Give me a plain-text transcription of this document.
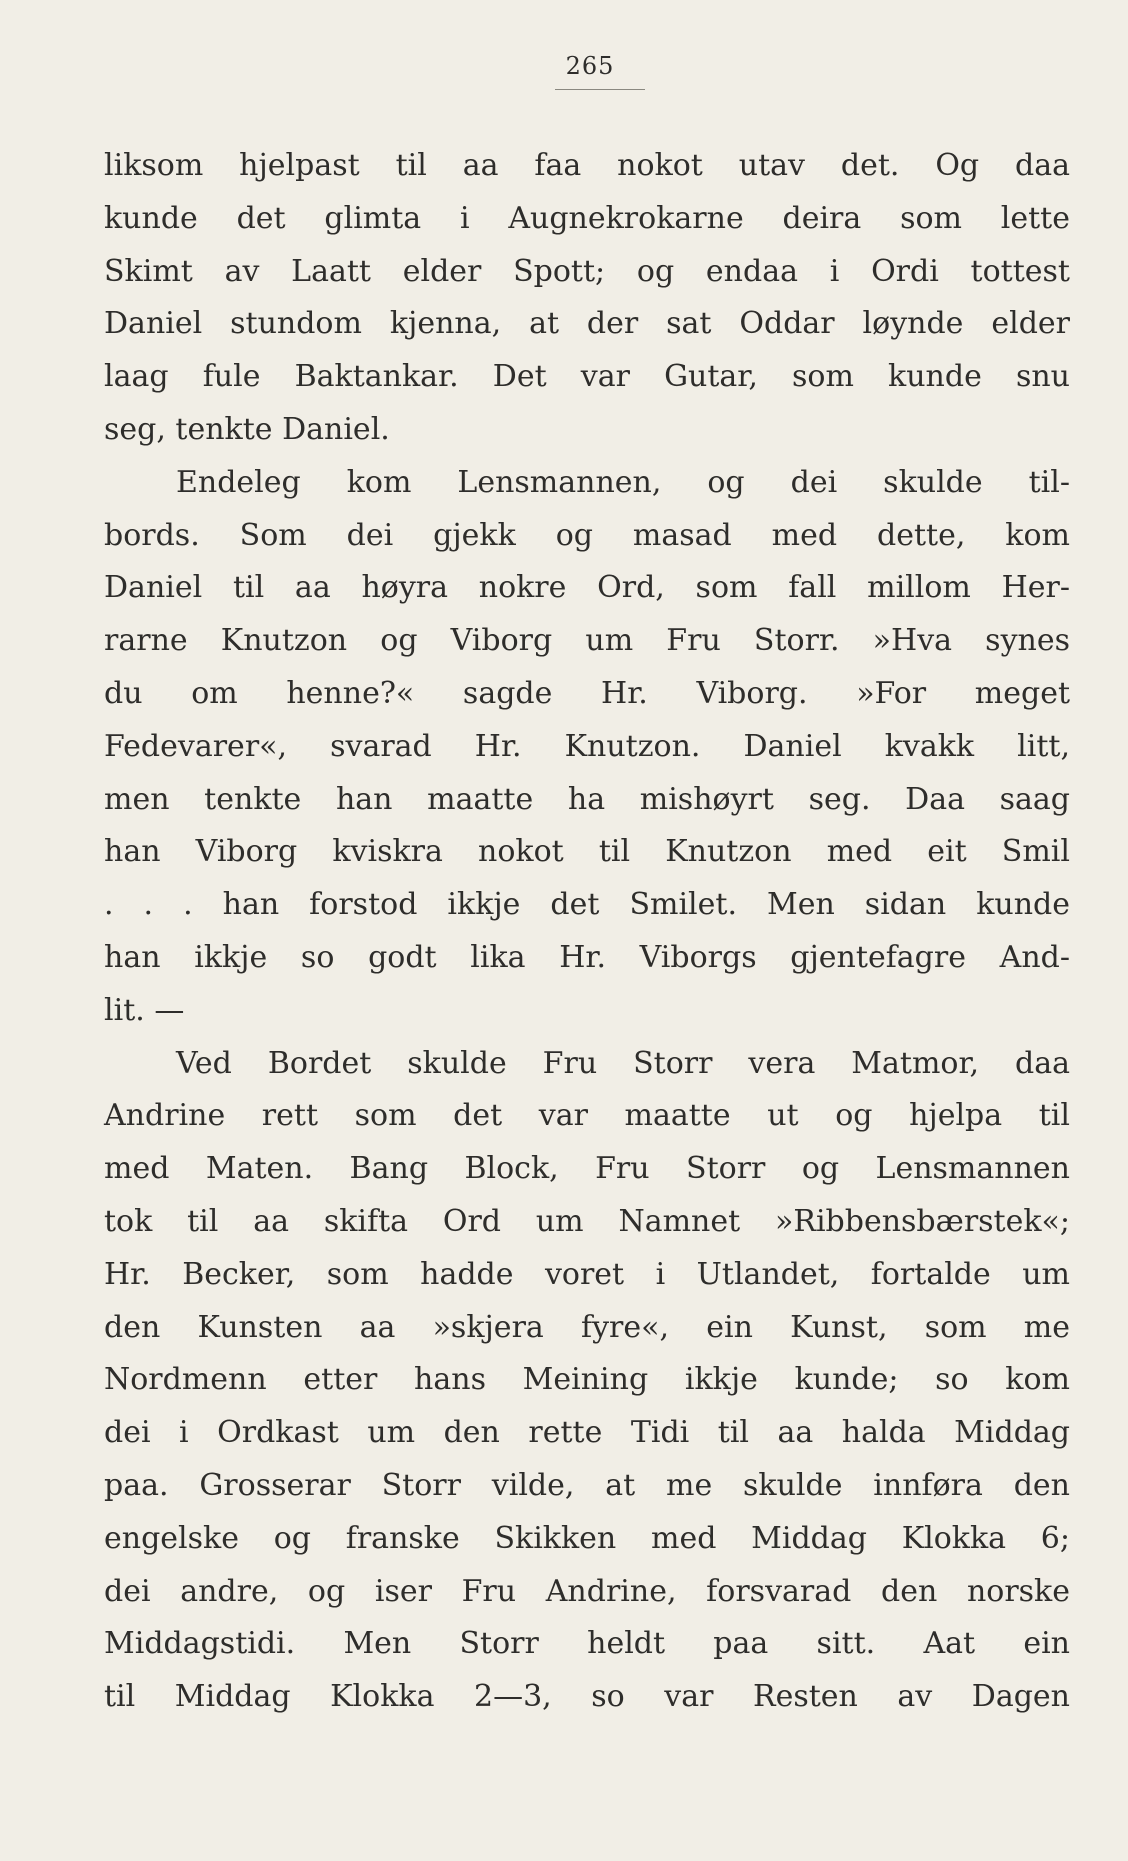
265
liksom hjelpast til aa faa nokot utav det. Og daa
kunde det glimta i Augnekrokarne deira som lette
Skimt av Laatt elder Spott; og endaa i Ordi tottest
Daniel stundom kjenna, at der sat Oddar løynde elder
laag fule Baktankar. Det var Gutar, som kunde snu
seg, tenkte Daniel.
Endeleg kom Lensmannen, og dei skulde til-
bords. Som dei gjekk og masad med dette, kom
Daniel til aa høyra nokre Ord, som fall millom Her-
rarne Knutzon og Viborg um Fru Storr. »Hva synes
du om henne?« sagde Hr. Viborg. »For meget
Fedevarer«, svarad Hr. Knutzon. Daniel kvakk litt,
men tenkte han maatte ha mishøyrt seg. Daa saag
han Viborg kviskra nokot til Knutzon med eit Smil
. . . han forstod ikkje det Smilet. Men sidan kunde
han ikkje so godt lika Hr. Viborgs gjentefagre And-
lit. —
Ved Bordet skulde Fru Storr vera Matmor, daa
Andrine rett som det var maatte ut og hjelpa til
med Maten. Bang Block, Fru Storr og Lensmannen
tok til aa skifta Ord um Namnet »Ribbensbærstek«;
Hr. Becker, som hadde voret i Utlandet, fortalde um
den Kunsten aa »skjera fyre«, ein Kunst, som me
Nordmenn etter hans Meining ikkje kunde; so kom
dei i Ordkast um den rette Tidi til aa halda Middag
paa. Grosserar Storr vilde, at me skulde innføra den
engelske og franske Skikken med Middag Klokka 6;
dei andre, og iser Fru Andrine, forsvarad den norske
Middagstidi. Men Storr heldt paa sitt. Aat ein
til Middag Klokka 2—3, so var Resten av Dagen
